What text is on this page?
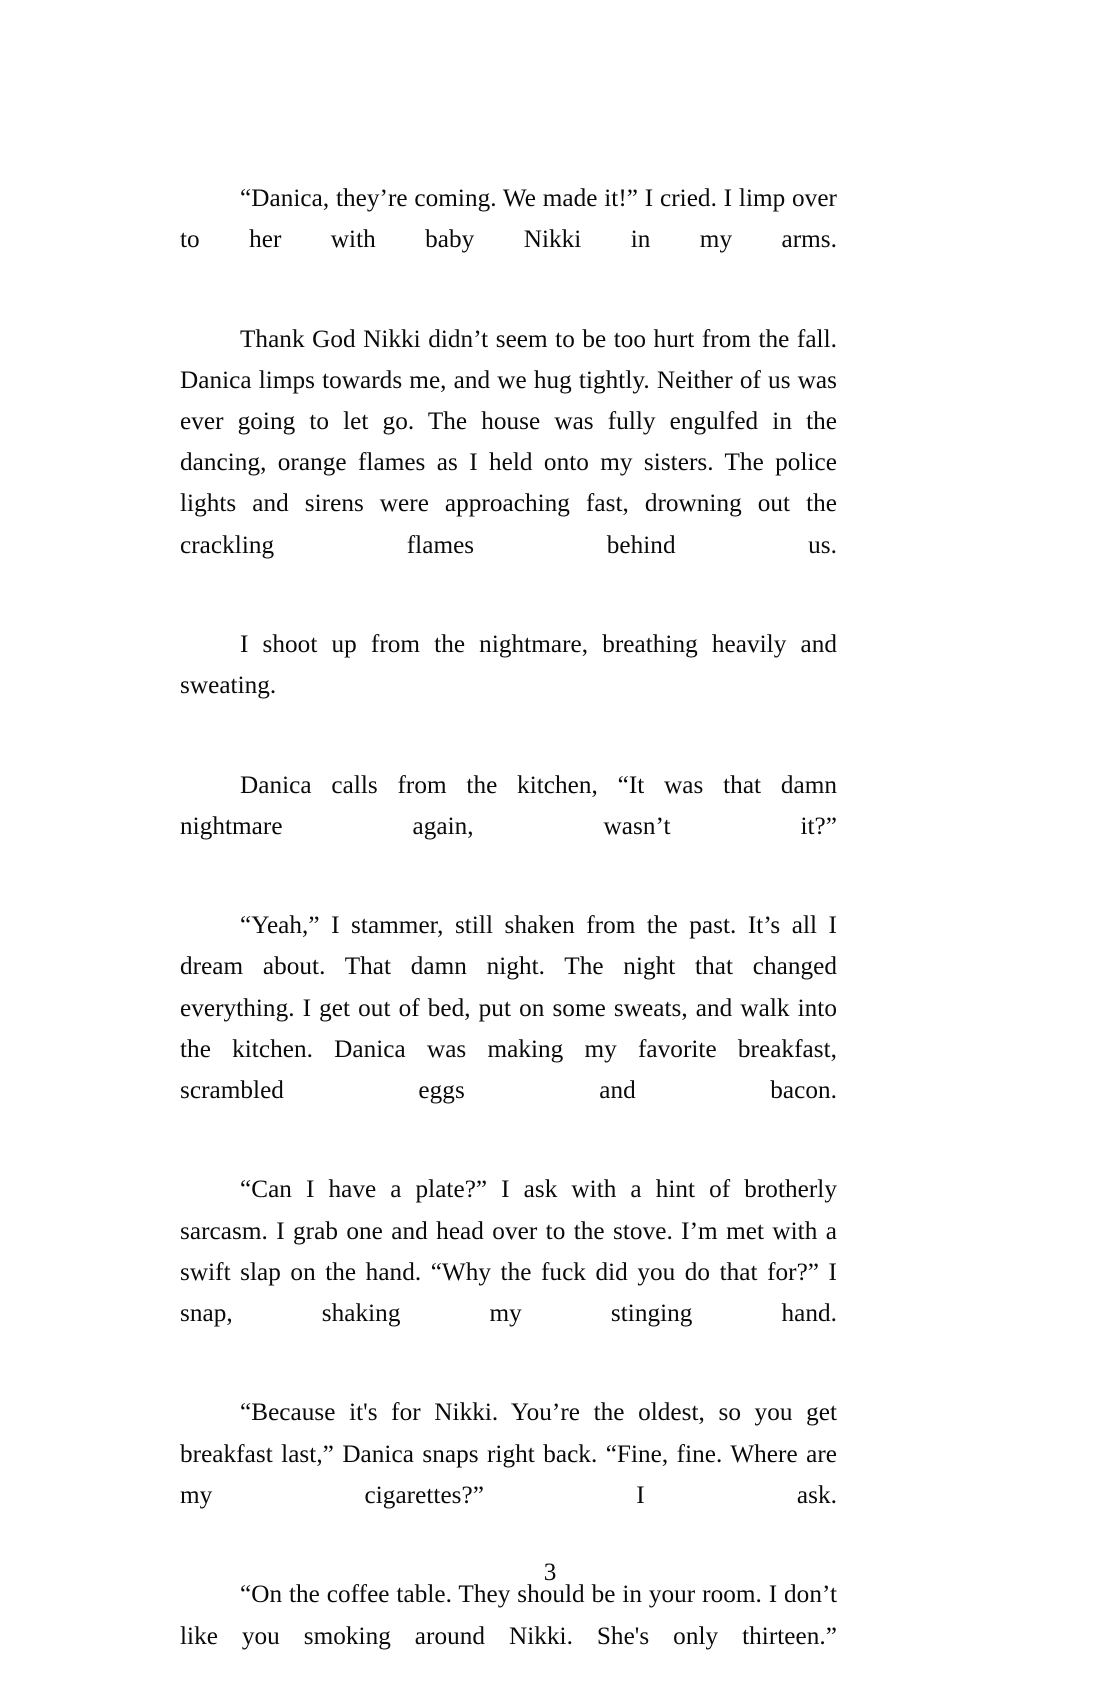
“Danica, they’re coming. We made it!” I cried. I limp over to her with baby Nikki in my arms.

Thank God Nikki didn’t seem to be too hurt from the fall. Danica limps towards me, and we hug tightly. Neither of us was ever going to let go. The house was fully engulfed in the dancing, orange flames as I held onto my sisters. The police lights and sirens were approaching fast, drowning out the crackling flames behind us.

I shoot up from the nightmare, breathing heavily and sweating.

Danica calls from the kitchen, “It was that damn nightmare again, wasn’t it?”

“Yeah,” I stammer, still shaken from the past. It’s all I dream about. That damn night. The night that changed everything. I get out of bed, put on some sweats, and walk into the kitchen. Danica was making my favorite breakfast, scrambled eggs and bacon.

“Can I have a plate?” I ask with a hint of brotherly sarcasm. I grab one and head over to the stove. I’m met with a swift slap on the hand. “Why the fuck did you do that for?” I snap, shaking my stinging hand.

“Because it's for Nikki. You’re the oldest, so you get breakfast last,” Danica snaps right back. “Fine, fine. Where are my cigarettes?” I ask.

“On the coffee table. They should be in your room. I don’t like you smoking around Nikki. She's only thirteen.”

3
